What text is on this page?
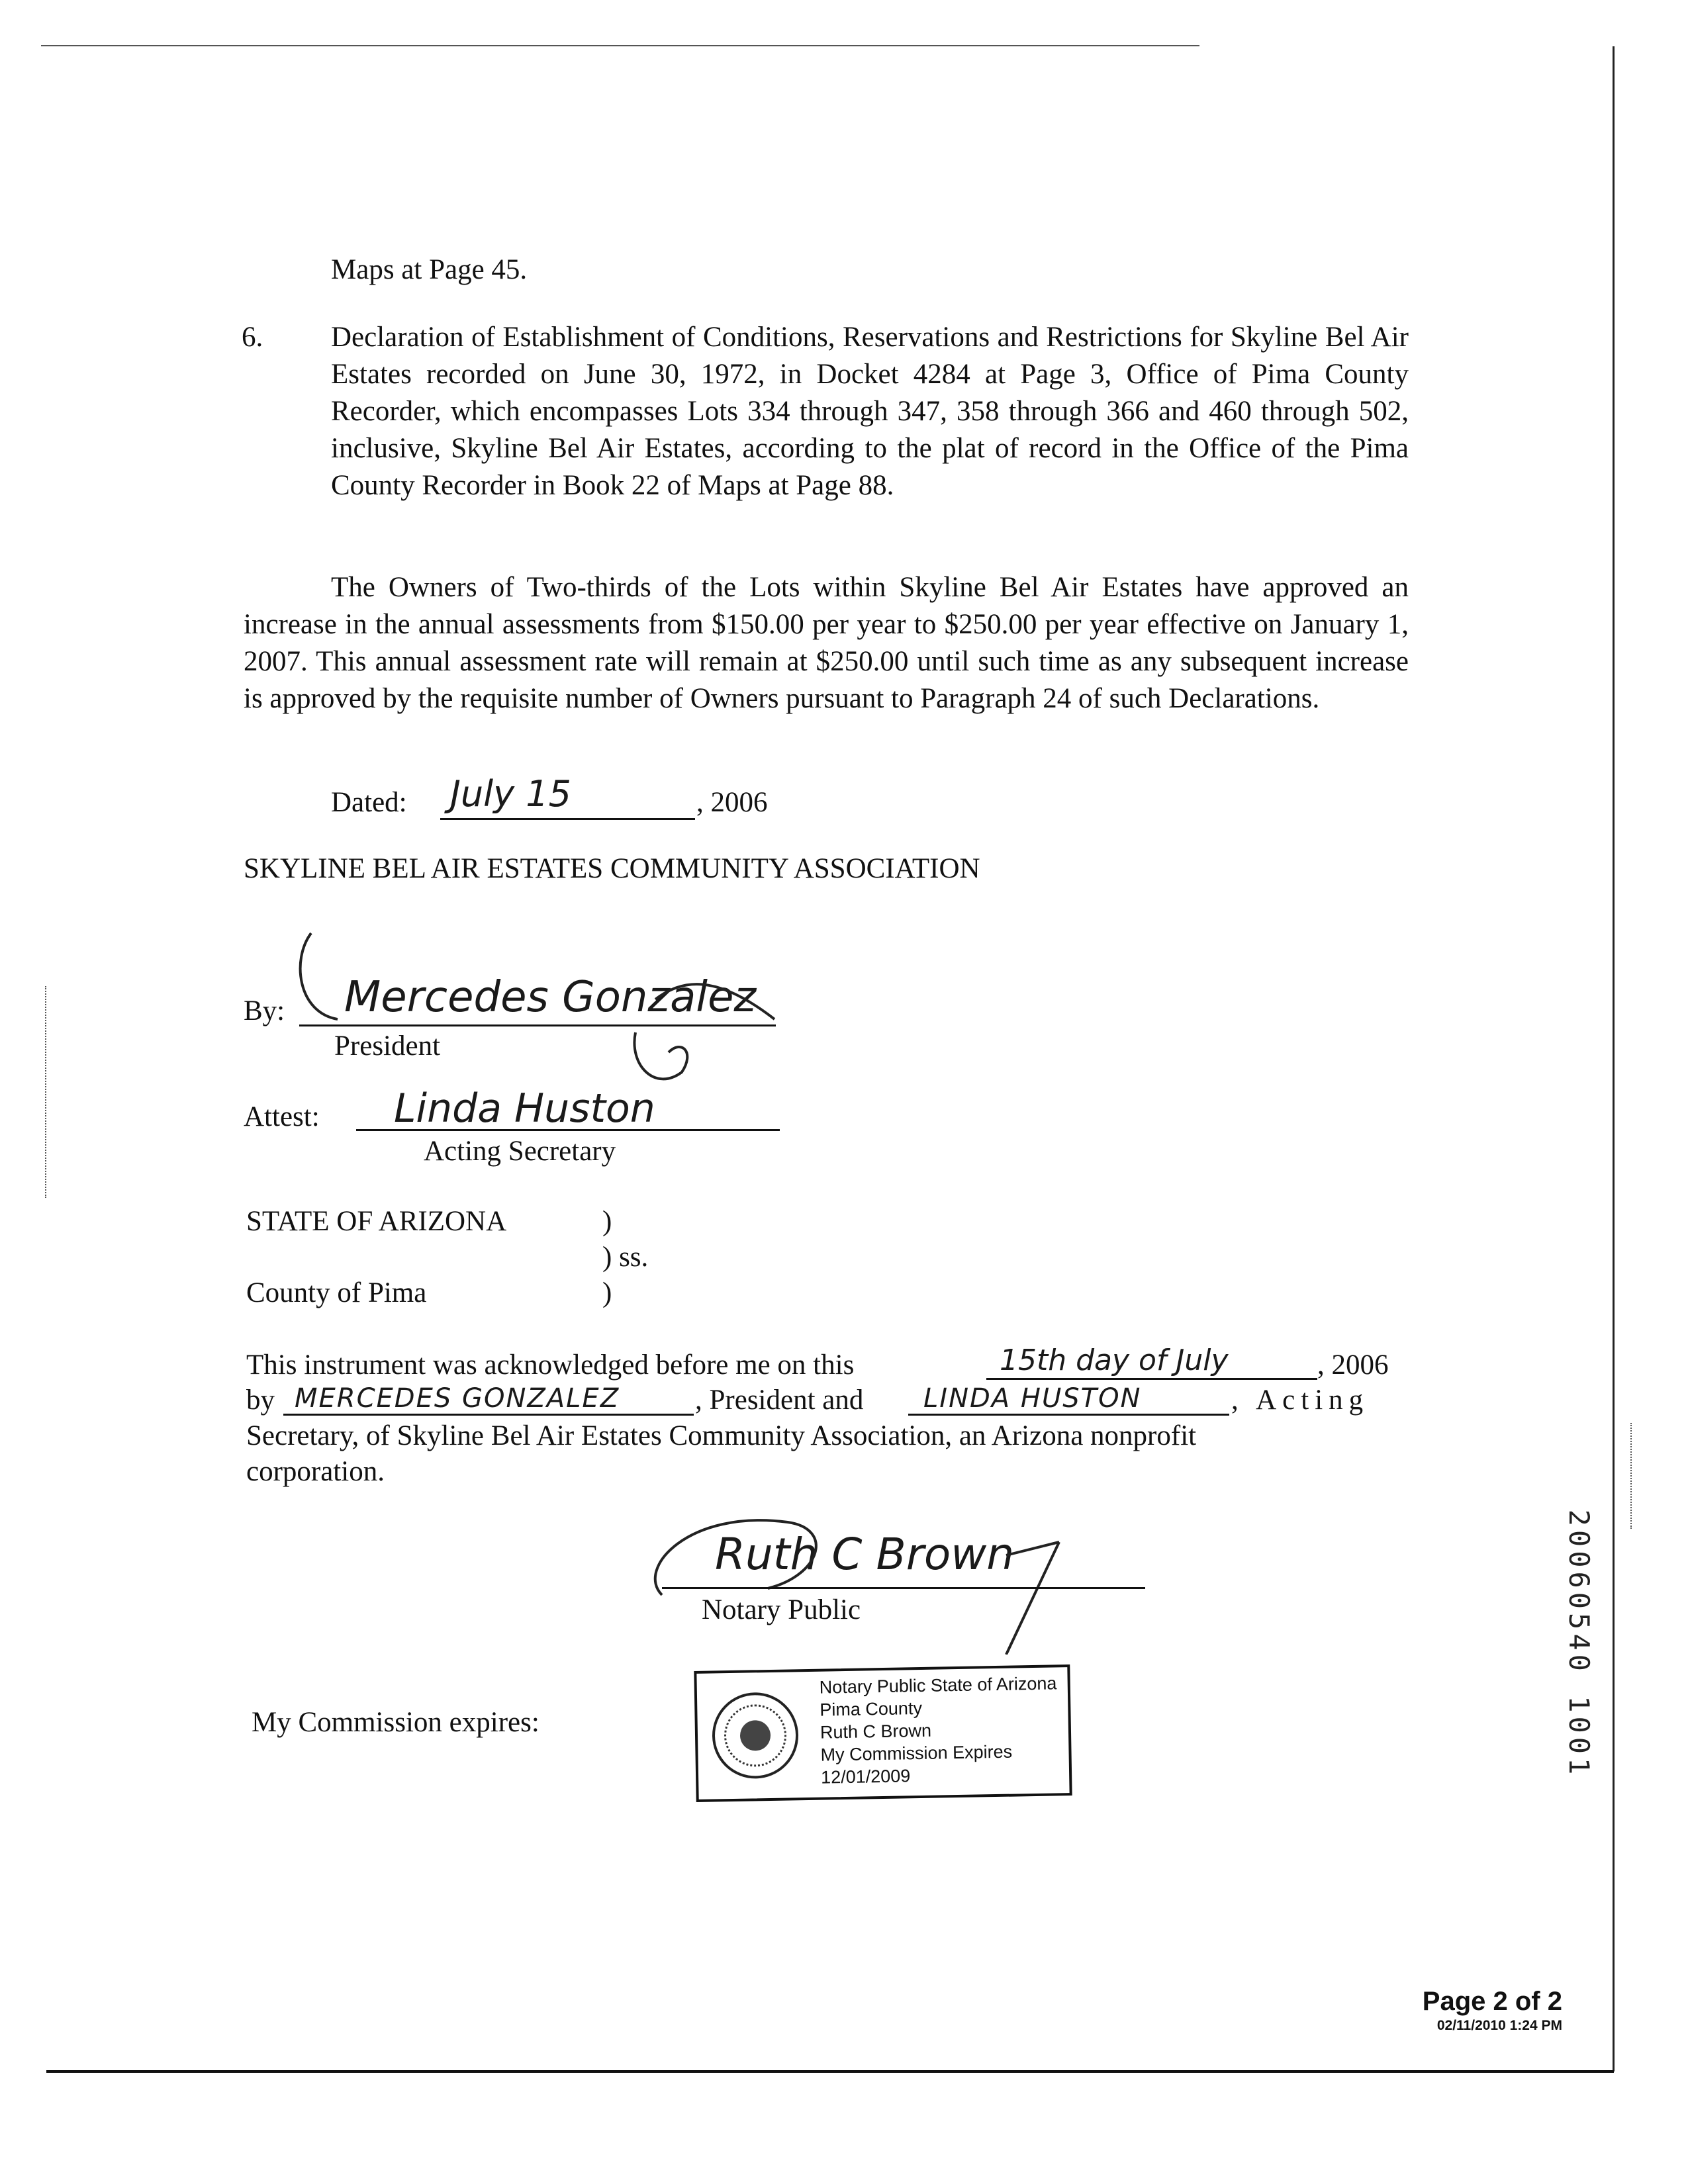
Maps at Page 45.
6. Declaration of Establishment of Conditions, Reservations and Restrictions for Skyline Bel Air Estates recorded on June 30, 1972, in Docket 4284 at Page 3, Office of Pima County Recorder, which encompasses Lots 334 through 347, 358 through 366 and 460 through 502, inclusive, Skyline Bel Air Estates, according to the plat of record in the Office of the Pima County Recorder in Book 22 of Maps at Page 88.
The Owners of Two-thirds of the Lots within Skyline Bel Air Estates have approved an increase in the annual assessments from $150.00 per year to $250.00 per year effective on January 1, 2007. This annual assessment rate will remain at $250.00 until such time as any subsequent increase is approved by the requisite number of Owners pursuant to Paragraph 24 of such Declarations.
Dated: July 15	, 2006
SKYLINE BEL AIR ESTATES COMMUNITY ASSOCIATION
By: Mercedes Gonzalez
President
Attest: Linda Huston
Acting Secretary
STATE OF ARIZONA	)
) ss.
County of Pima	)
This instrument was acknowledged before me on this	15th day of July	, 2006
by MERCEDES GONZALEZ	, President and LINDA HUSTON	, Acting
Secretary, of Skyline Bel Air Estates Community Association, an Arizona nonprofit
corporation.
Ruth C Brown
Notary Public
My Commission expires:
Notary Public State of Arizona
Pima County
Ruth C Brown
My Commission Expires
12/01/2009	20060540 1001
Page 2 of 2
02/11/2010 1:24 PM
